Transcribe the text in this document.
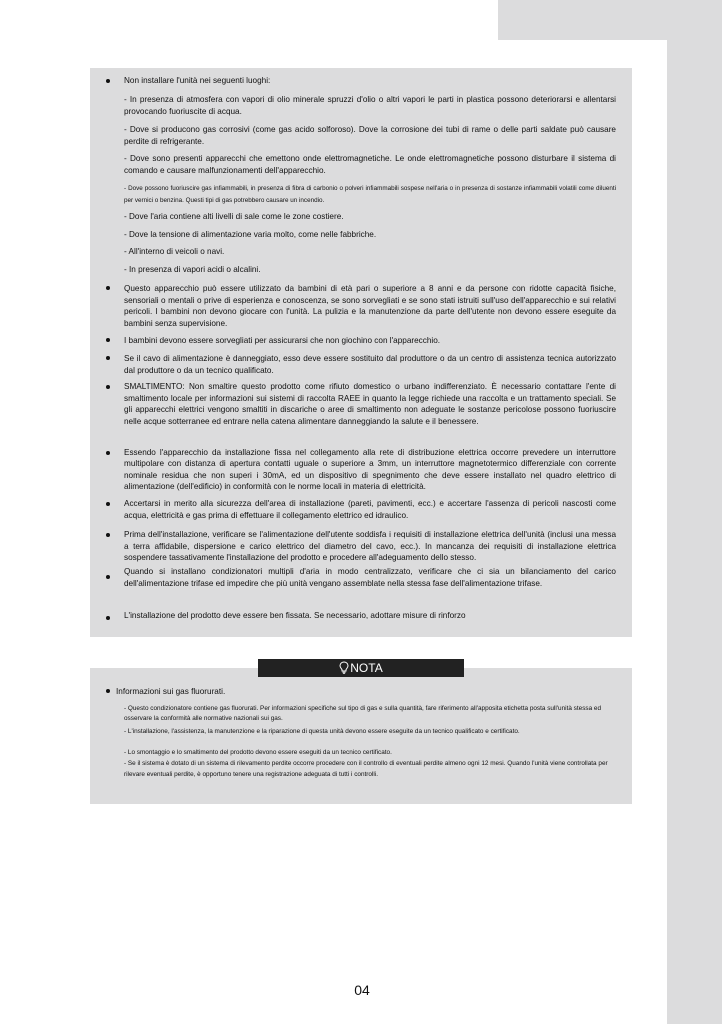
Non installare l'unità nei seguenti luoghi:
- In presenza di atmosfera con vapori di olio minerale spruzzi d'olio o altri vapori le parti in plastica possono deteriorarsi e allentarsi provocando fuoriuscite di acqua.
- Dove si producono gas corrosivi (come gas acido solforoso). Dove la corrosione dei tubi di rame o delle parti saldate può causare perdite di refrigerante.
- Dove sono presenti apparecchi che emettono onde elettromagnetiche. Le onde elettromagnetiche possono disturbare il sistema di comando e causare malfunzionamenti dell'apparecchio.
- Dove possono fuoriuscire gas infiammabili, in presenza di fibra di carbonio o polveri infiammabili sospese nell'aria o in presenza di sostanze infiammabili volatili come diluenti per vernici o benzina. Questi tipi di gas potrebbero causare un incendio.
- Dove l'aria contiene alti livelli di sale come le zone costiere.
- Dove la tensione di alimentazione varia molto, come nelle fabbriche.
- All'interno di veicoli o navi.
- In presenza di vapori acidi o alcalini.
Questo apparecchio può essere utilizzato da bambini di età pari o superiore a 8 anni e da persone con ridotte capacità fisiche, sensoriali o mentali o prive di esperienza e conoscenza, se sono sorvegliati e se sono stati istruiti sull'uso dell'apparecchio e sui relativi pericoli. I bambini non devono giocare con l'unità. La pulizia e la manutenzione da parte dell'utente non devono essere eseguite da bambini senza supervisione.
I bambini devono essere sorvegliati per assicurarsi che non giochino con l'apparecchio.
Se il cavo di alimentazione è danneggiato, esso deve essere sostituito dal produttore o da un centro di assistenza tecnica autorizzato dal produttore o da un tecnico qualificato.
SMALTIMENTO: Non smaltire questo prodotto come rifiuto domestico o urbano indifferenziato. È necessario contattare l'ente di smaltimento locale per informazioni sui sistemi di raccolta RAEE in quanto la legge richiede una raccolta e un trattamento speciali. Se gli apparecchi elettrici vengono smaltiti in discariche o aree di smaltimento non adeguate le sostanze pericolose possono fuoriuscire nelle acque sotterranee ed entrare nella catena alimentare danneggiando la salute e il benessere.
Essendo l'apparecchio da installazione fissa nel collegamento alla rete di distribuzione elettrica occorre prevedere un interruttore multipolare con distanza di apertura contatti uguale o superiore a 3mm, un interruttore magnetotermico differenziale con corrente nominale residua che non superi i 30mA, ed un dispositivo di spegnimento che deve essere installato nel quadro elettrico di alimentazione (dell'edificio) in conformità con le norme locali in materia di elettricità.
Accertarsi in merito alla sicurezza dell'area di installazione (pareti, pavimenti, ecc.) e accertare l'assenza di pericoli nascosti come acqua, elettricità e gas prima di effettuare il collegamento elettrico ed idraulico.
Prima dell'installazione, verificare se l'alimentazione dell'utente soddisfa i requisiti di installazione elettrica dell'unità (inclusi una messa a terra affidabile, dispersione e carico elettrico del diametro del cavo, ecc.). In mancanza dei requisiti di installazione elettrica sospendere tassativamente l'installazione del prodotto e procedere all'adeguamento dello stesso.
Quando si installano condizionatori multipli d'aria in modo centralizzato, verificare che ci sia un bilanciamento del carico dell'alimentazione trifase ed impedire che più unità vengano assemblate nella stessa fase dell'alimentazione trifase.
L'installazione del prodotto deve essere ben fissata. Se necessario, adottare misure di rinforzo
NOTA
Informazioni sui gas fluorurati.
- Questo condizionatore contiene gas fluorurati. Per informazioni specifiche sul tipo di gas e sulla quantità, fare riferimento all'apposita etichetta posta sull'unità stessa ed osservare la conformità alle normative nazionali sui gas.
- L'installazione, l'assistenza, la manutenzione e la riparazione di questa unità devono essere eseguite da un tecnico qualificato e certificato.
- Lo smontaggio e lo smaltimento del prodotto devono essere eseguiti da un tecnico certificato.
- Se il sistema è dotato di un sistema di rilevamento perdite occorre procedere con il controllo di eventuali perdite almeno ogni 12 mesi. Quando l'unità viene controllata per rilevare eventuali perdite, è opportuno tenere una registrazione adeguata di tutti i controlli.
04
